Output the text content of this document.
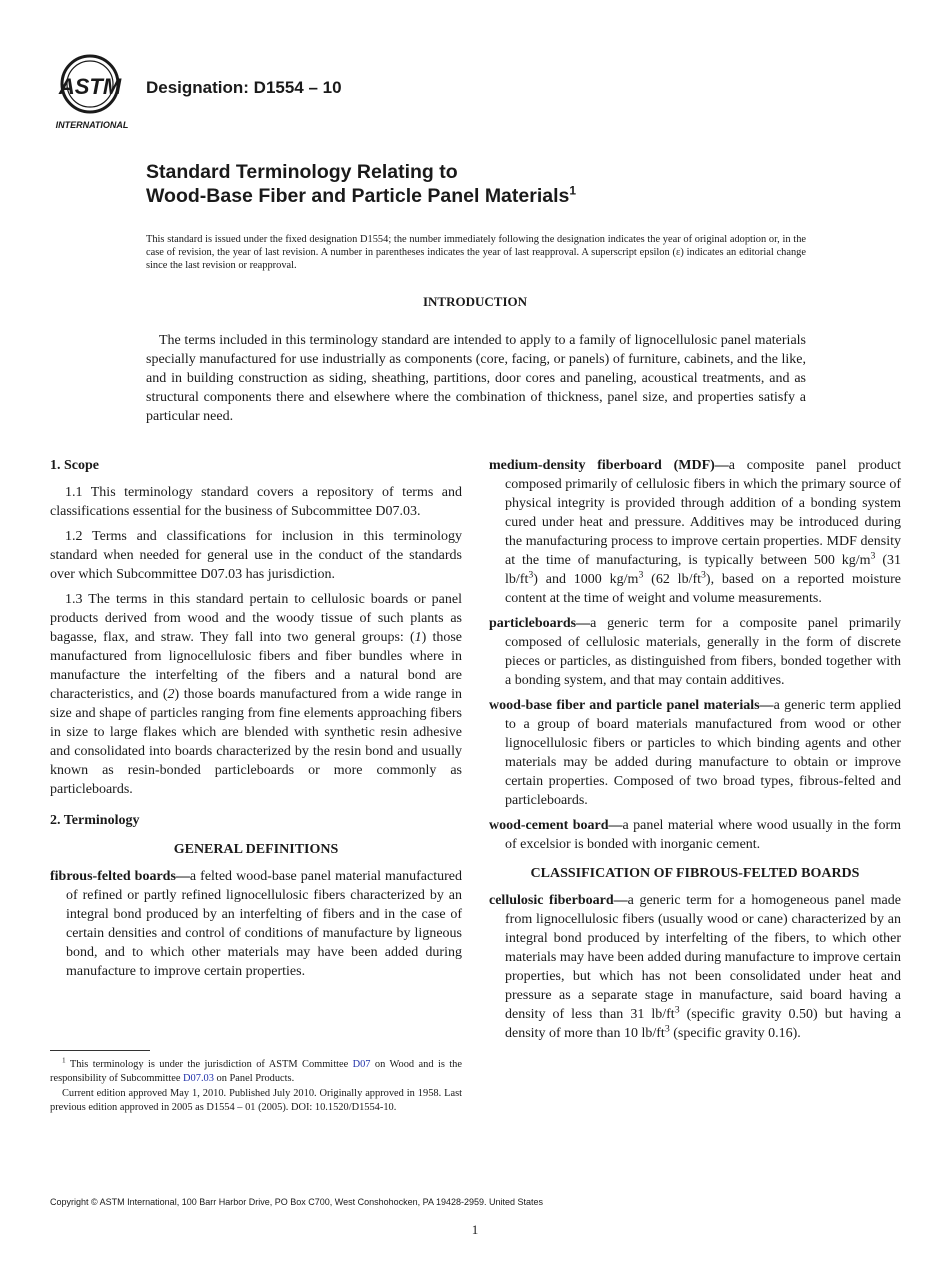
ASTM
INTERNATIONAL
Designation: D1554 – 10
Standard Terminology Relating to
Wood-Base Fiber and Particle Panel Materials$^1$
This standard is issued under the fixed designation D1554; the number immediately following the designation indicates the year of original adoption or, in the case of revision, the year of last revision. A number in parentheses indicates the year of last reapproval. A superscript epsilon (ε) indicates an editorial change since the last revision or reapproval.
INTRODUCTION

The terms included in this terminology standard are intended to apply to a family of lignocellulosic panel materials specially manufactured for use industrially as components (core, facing, or panels) of furniture, cabinets, and the like, and in building construction as siding, sheathing, partitions, door cores and paneling, acoustical treatments, and as structural components there and elsewhere where the combination of thickness, panel size, and properties satisfy a particular need.

1. Scope

1.1 This terminology standard covers a repository of terms and classifications essential for the business of Subcommittee D07.03.

1.2 Terms and classifications for inclusion in this terminology standard when needed for general use in the conduct of the standards over which Subcommittee D07.03 has jurisdiction.

1.3 The terms in this standard pertain to cellulosic boards or panel products derived from wood and the woody tissue of such plants as bagasse, flax, and straw. They fall into two general groups: (1) those manufactured from lignocellulosic fibers and fiber bundles where in manufacture the interfelting of the fibers and a natural bond are characteristics, and (2) those boards manufactured from a wide range in size and shape of particles ranging from fine elements approaching fibers in size to large flakes which are blended with synthetic resin adhesive and consolidated into boards characterized by the resin bond and usually known as resin-bonded particleboards or more commonly as particleboards.

2. Terminology
GENERAL DEFINITIONS

fibrous-felted boards—a felted wood-base panel material manufactured of refined or partly refined lignocellulosic fibers characterized by an integral bond produced by an interfelting of fibers and in the case of certain densities and control of conditions of manufacture by ligneous bond, and to which other materials may have been added during manufacture to improve certain properties.

medium-density fiberboard (MDF)—a composite panel product composed primarily of cellulosic fibers in which the primary source of physical integrity is provided through addition of a bonding system cured under heat and pressure. Additives may be introduced during the manufacturing process to improve certain properties. MDF density at the time of manufacturing, is typically between 500 $kg/m^3$ (31 $lb/ft^3$) and 1000 $kg/m^3$ (62 $lb/ft^3$), based on a reported moisture content at the time of weight and volume measurements.

particleboards—a generic term for a composite panel primarily composed of cellulosic materials, generally in the form of discrete pieces or particles, as distinguished from fibers, bonded together with a bonding system, and that may contain additives.

wood-base fiber and particle panel materials—a generic term applied to a group of board materials manufactured from wood or other lignocellulosic fibers or particles to which binding agents and other materials may be added during manufacture to obtain or improve certain properties. Composed of two broad types, fibrous-felted and particleboards.

wood-cement board—a panel material where wood usually in the form of excelsior is bonded with inorganic cement.

CLASSIFICATION OF FIBROUS-FELTED BOARDS

cellulosic fiberboard—a generic term for a homogeneous panel made from lignocellulosic fibers (usually wood or cane) characterized by an integral bond produced by interfelting of the fibers, to which other materials may have been added during manufacture to improve certain properties, but which has not been consolidated under heat and pressure as a separate stage in manufacture, said board having a density of less than 31 $lb/ft^3$ (specific gravity 0.50) but having a density of more than 10 $lb/ft^3$ (specific gravity 0.16).

$^1$ This terminology is under the jurisdiction of ASTM Committee D07 on Wood and is the responsibility of Subcommittee D07.03 on Panel Products.

Current edition approved May 1, 2010. Published July 2010. Originally approved in 1958. Last previous edition approved in 2005 as D1554 – 01 (2005). DOI: 10.1520/D1554-10.

Copyright © ASTM International, 100 Barr Harbor Drive, PO Box C700, West Conshohocken, PA 19428-2959. United States
1
